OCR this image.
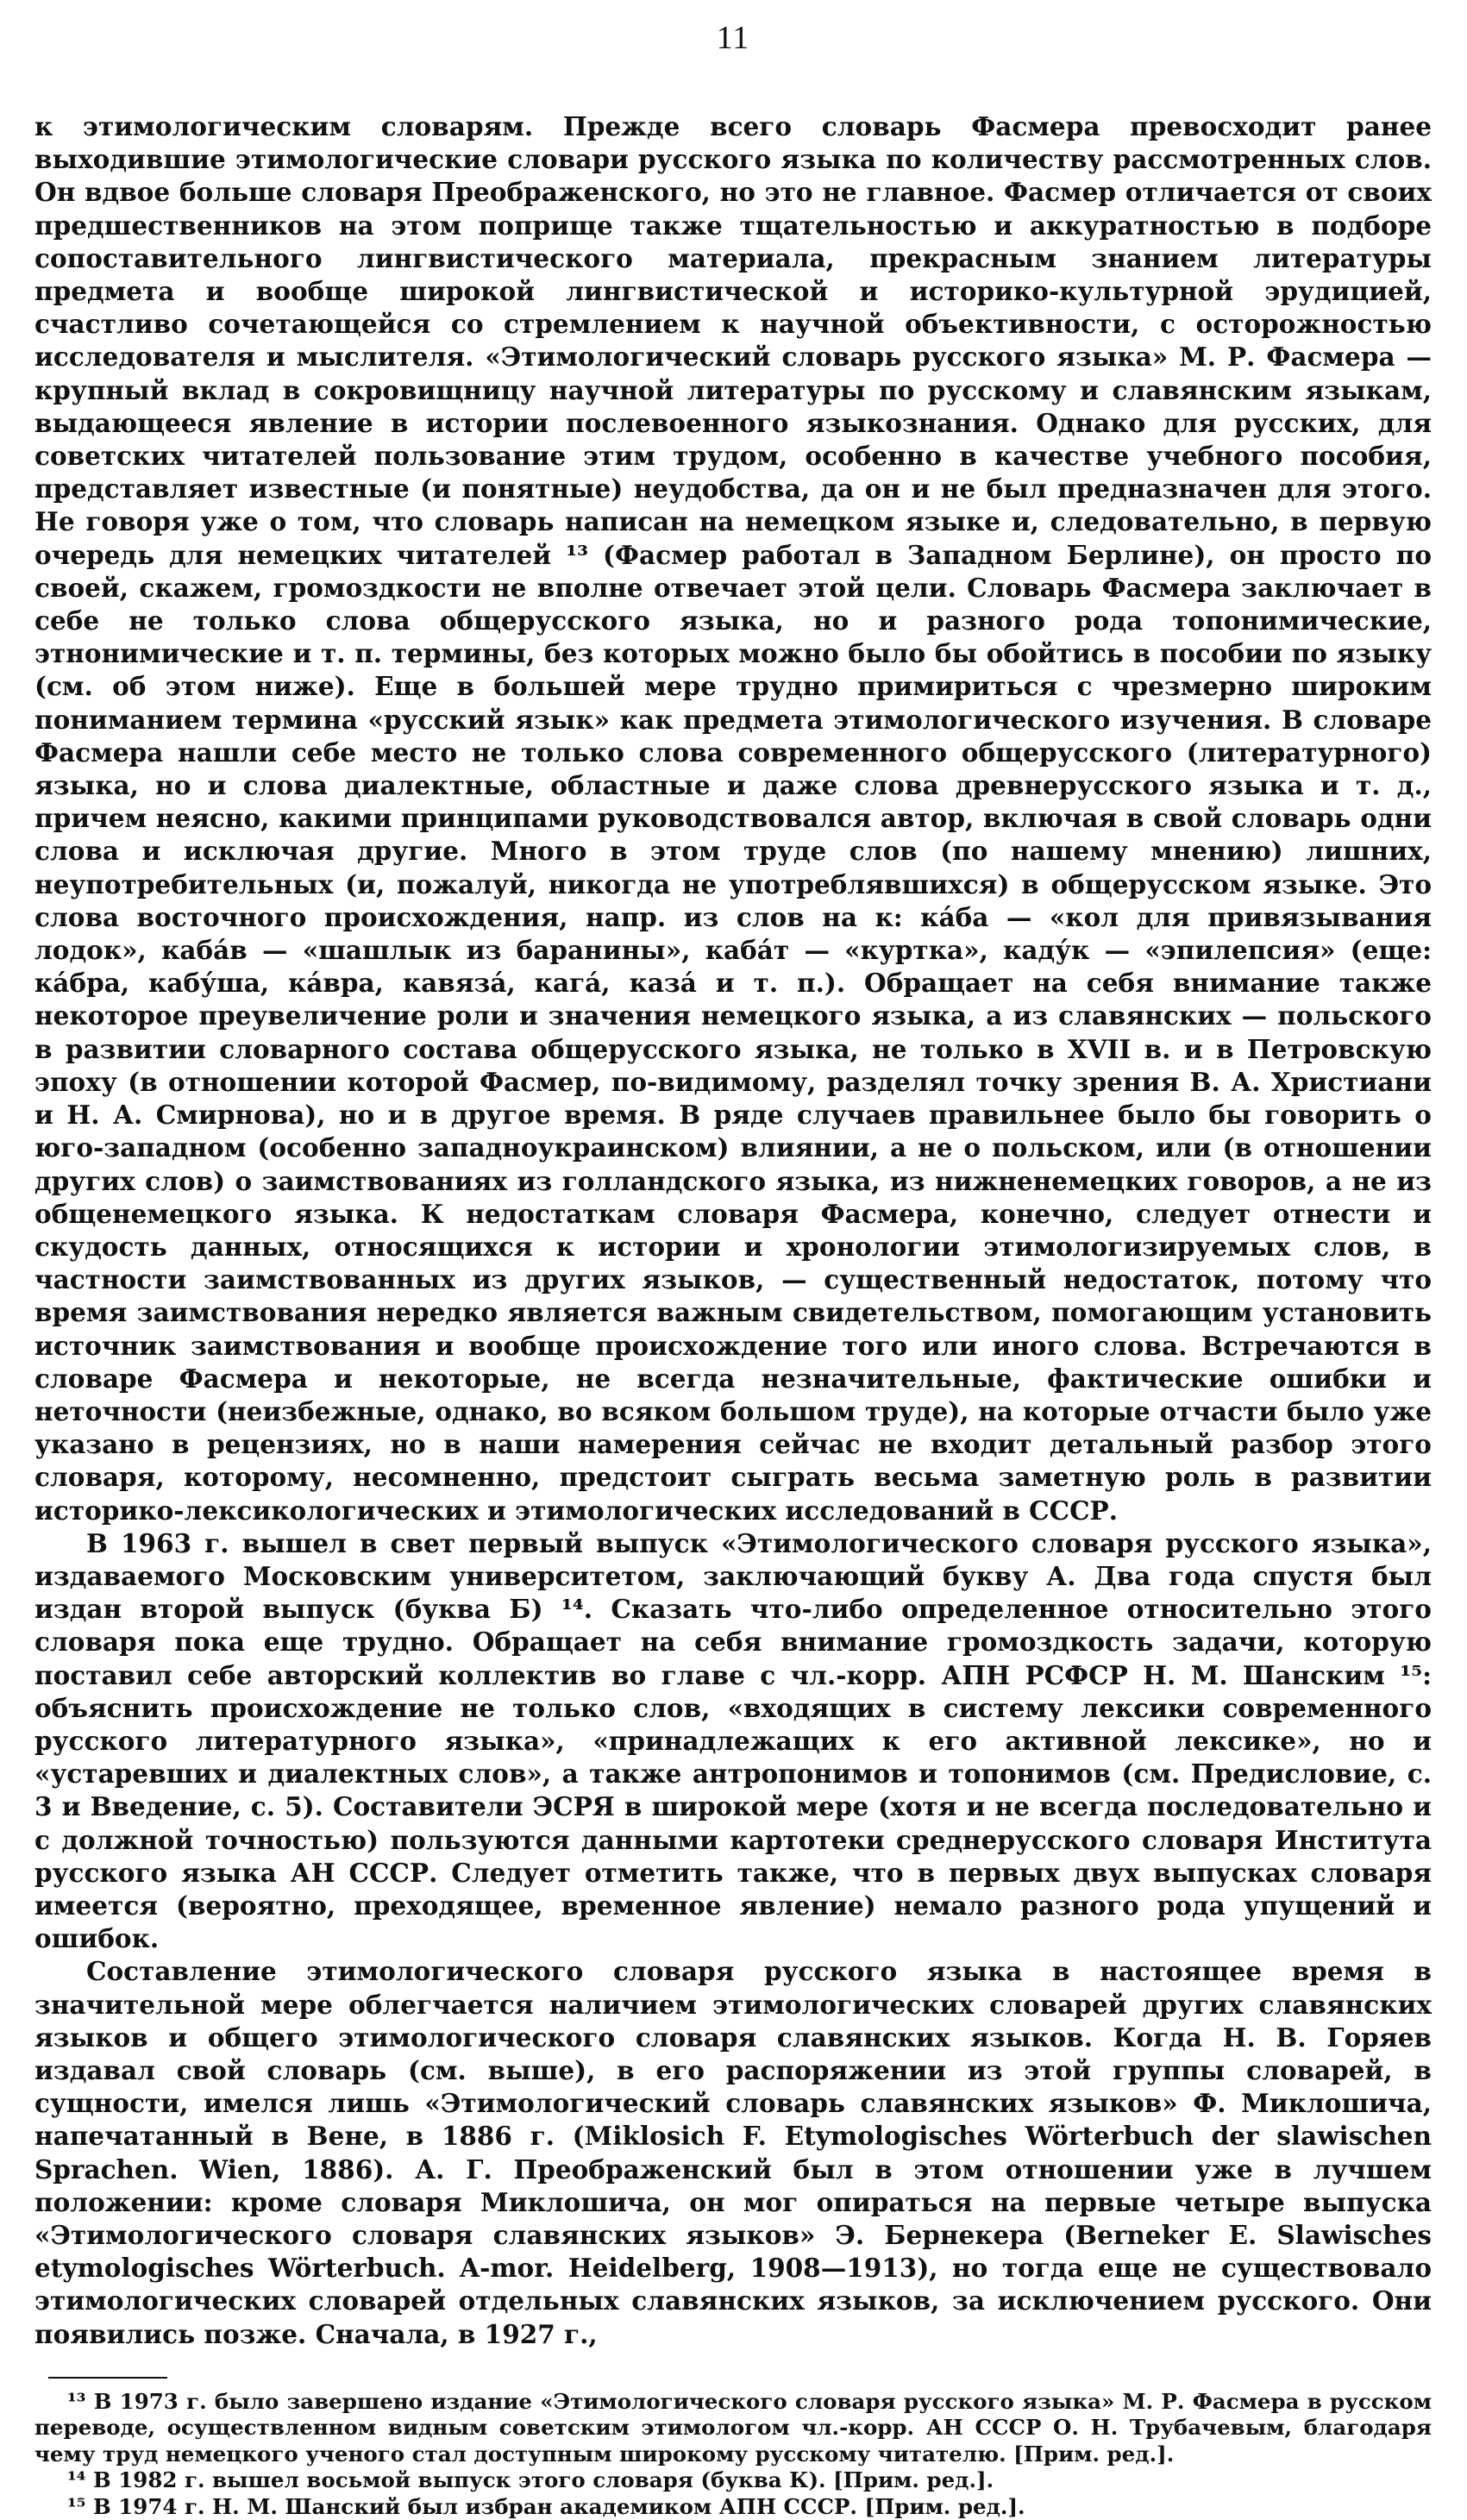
11

к этимологическим словарям. Прежде всего словарь Фасмера превосходит ранее выходившие этимологические словари русского языка по количеству рассмотренных слов. Он вдвое больше словаря Преображенского, но это не главное. Фасмер отличается от своих предшественников на этом поприще также тщательностью и аккуратностью в подборе сопоставительного лингвистического материала, прекрасным знанием литературы предмета и вообще широкой лингвистической и историко-культурной эрудицией, счастливо сочетающейся со стремлением к научной объективности, с осторожностью исследователя и мыслителя. «Этимологический словарь русского языка» М. Р. Фасмера — крупный вклад в сокровищницу научной литературы по русскому и славянским языкам, выдающееся явление в истории послевоенного языкознания. Однако для русских, для советских читателей пользование этим трудом, особенно в качестве учебного пособия, представляет известные (и понятные) неудобства, да он и не был предназначен для этого. Не говоря уже о том, что словарь написан на немецком языке и, следовательно, в первую очередь для немецких читателей ¹³ (Фасмер работал в Западном Берлине), он просто по своей, скажем, громоздкости не вполне отвечает этой цели. Словарь Фасмера заключает в себе не только слова общерусского языка, но и разного рода топонимические, этнонимические и т. п. термины, без которых можно было бы обойтись в пособии по языку (см. об этом ниже). Еще в большей мере трудно примириться с чрезмерно широким пониманием термина «русский язык» как предмета этимологического изучения. В словаре Фасмера нашли себе место не только слова современного общерусского (литературного) языка, но и слова диалектные, областные и даже слова древнерусского языка и т. д., причем неясно, какими принципами руководствовался автор, включая в свой словарь одни слова и исключая другие. Много в этом труде слов (по нашему мнению) лишних, неупотребительных (и, пожалуй, никогда не употреблявшихся) в общерусском языке. Это слова восточного происхождения, напр. из слов на к: ка́ба — «кол для привязывания лодок», каба́в — «шашлык из баранины», каба́т — «куртка», каду́к — «эпилепсия» (еще: ка́бра, кабу́ша, ка́вра, кавяза́, кага́, каза́ и т. п.). Обращает на себя внимание также некоторое преувеличение роли и значения немецкого языка, а из славянских — польского в развитии словарного состава общерусского языка, не только в XVII в. и в Петровскую эпоху (в отношении которой Фасмер, по-видимому, разделял точку зрения В. А. Христиани и Н. А. Смирнова), но и в другое время. В ряде случаев правильнее было бы говорить о юго-западном (особенно западноукраинском) влиянии, а не о польском, или (в отношении других слов) о заимствованиях из голландского языка, из нижненемецких говоров, а не из общенемецкого языка. К недостаткам словаря Фасмера, конечно, следует отнести и скудость данных, относящихся к истории и хронологии этимологизируемых слов, в частности заимствованных из других языков, — существенный недостаток, потому что время заимствования нередко является важным свидетельством, помогающим установить источник заимствования и вообще происхождение того или иного слова. Встречаются в словаре Фасмера и некоторые, не всегда незначительные, фактические ошибки и неточности (неизбежные, однако, во всяком большом труде), на которые отчасти было уже указано в рецензиях, но в наши намерения сейчас не входит детальный разбор этого словаря, которому, несомненно, предстоит сыграть весьма заметную роль в развитии историко-лексикологических и этимологических исследований в СССР.

В 1963 г. вышел в свет первый выпуск «Этимологического словаря русского языка», издаваемого Московским университетом, заключающий букву А. Два года спустя был издан второй выпуск (буква Б) ¹⁴. Сказать что-либо определенное относительно этого словаря пока еще трудно. Обращает на себя внимание громоздкость задачи, которую поставил себе авторский коллектив во главе с чл.-корр. АПН РСФСР Н. М. Шанским ¹⁵: объяснить происхождение не только слов, «входящих в систему лексики современного русского литературного языка», «принадлежащих к его активной лексике», но и «устаревших и диалектных слов», а также антропонимов и топонимов (см. Предисловие, с. 3 и Введение, с. 5). Составители ЭСРЯ в широкой мере (хотя и не всегда последовательно и с должной точностью) пользуются данными картотеки среднерусского словаря Института русского языка АН СССР. Следует отметить также, что в первых двух выпусках словаря имеется (вероятно, преходящее, временное явление) немало разного рода упущений и ошибок.

Составление этимологического словаря русского языка в настоящее время в значительной мере облегчается наличием этимологических словарей других славянских языков и общего этимологического словаря славянских языков. Когда Н. В. Горяев издавал свой словарь (см. выше), в его распоряжении из этой группы словарей, в сущности, имелся лишь «Этимологический словарь славянских языков» Ф. Миклошича, напечатанный в Вене, в 1886 г. (Miklosich F. Etymologisches Wörterbuch der slawischen Sprachen. Wien, 1886). А. Г. Преображенский был в этом отношении уже в лучшем положении: кроме словаря Миклошича, он мог опираться на первые четыре выпуска «Этимологического словаря славянских языков» Э. Бернекера (Berneker E. Slawisches etymologisches Wörterbuch. A-mor. Heidelberg, 1908—1913), но тогда еще не существовало этимологических словарей отдельных славянских языков, за исключением русского. Они появились позже. Сначала, в 1927 г.,

¹³ В 1973 г. было завершено издание «Этимологического словаря русского языка» М. Р. Фасмера в русском переводе, осуществленном видным советским этимологом чл.-корр. АН СССР О. Н. Трубачевым, благодаря чему труд немецкого ученого стал доступным широкому русскому читателю. [Прим. ред.].

¹⁴ В 1982 г. вышел восьмой выпуск этого словаря (буква К). [Прим. ред.].

¹⁵ В 1974 г. Н. М. Шанский был избран академиком АПН СССР. [Прим. ред.].
